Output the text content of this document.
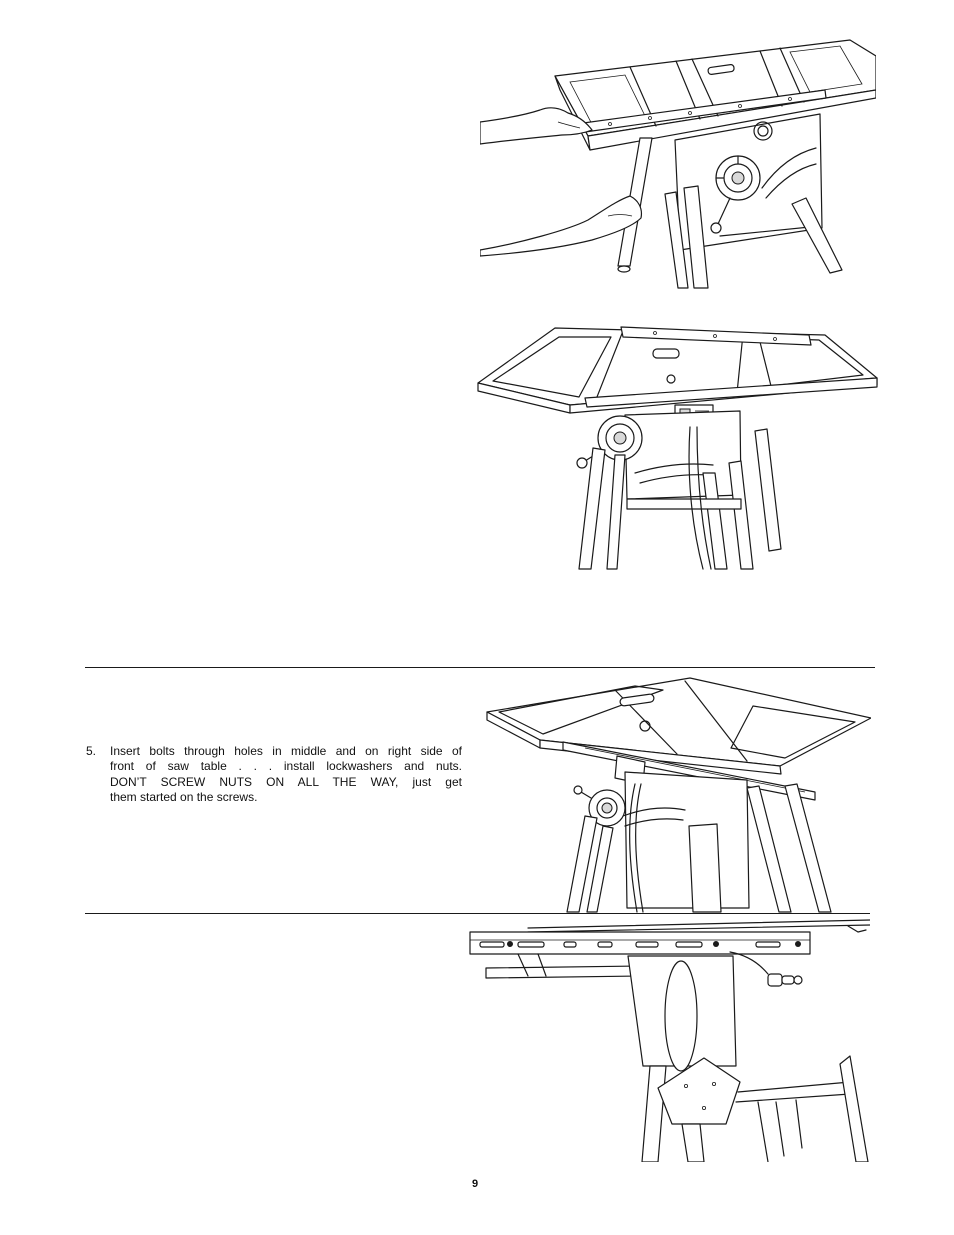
5. Insert bolts through holes in middle and on right side of
front of saw table . . . install lockwashers and nuts.
DON’T SCREW NUTS ON ALL THE WAY, just get
them started on the screws.
9
